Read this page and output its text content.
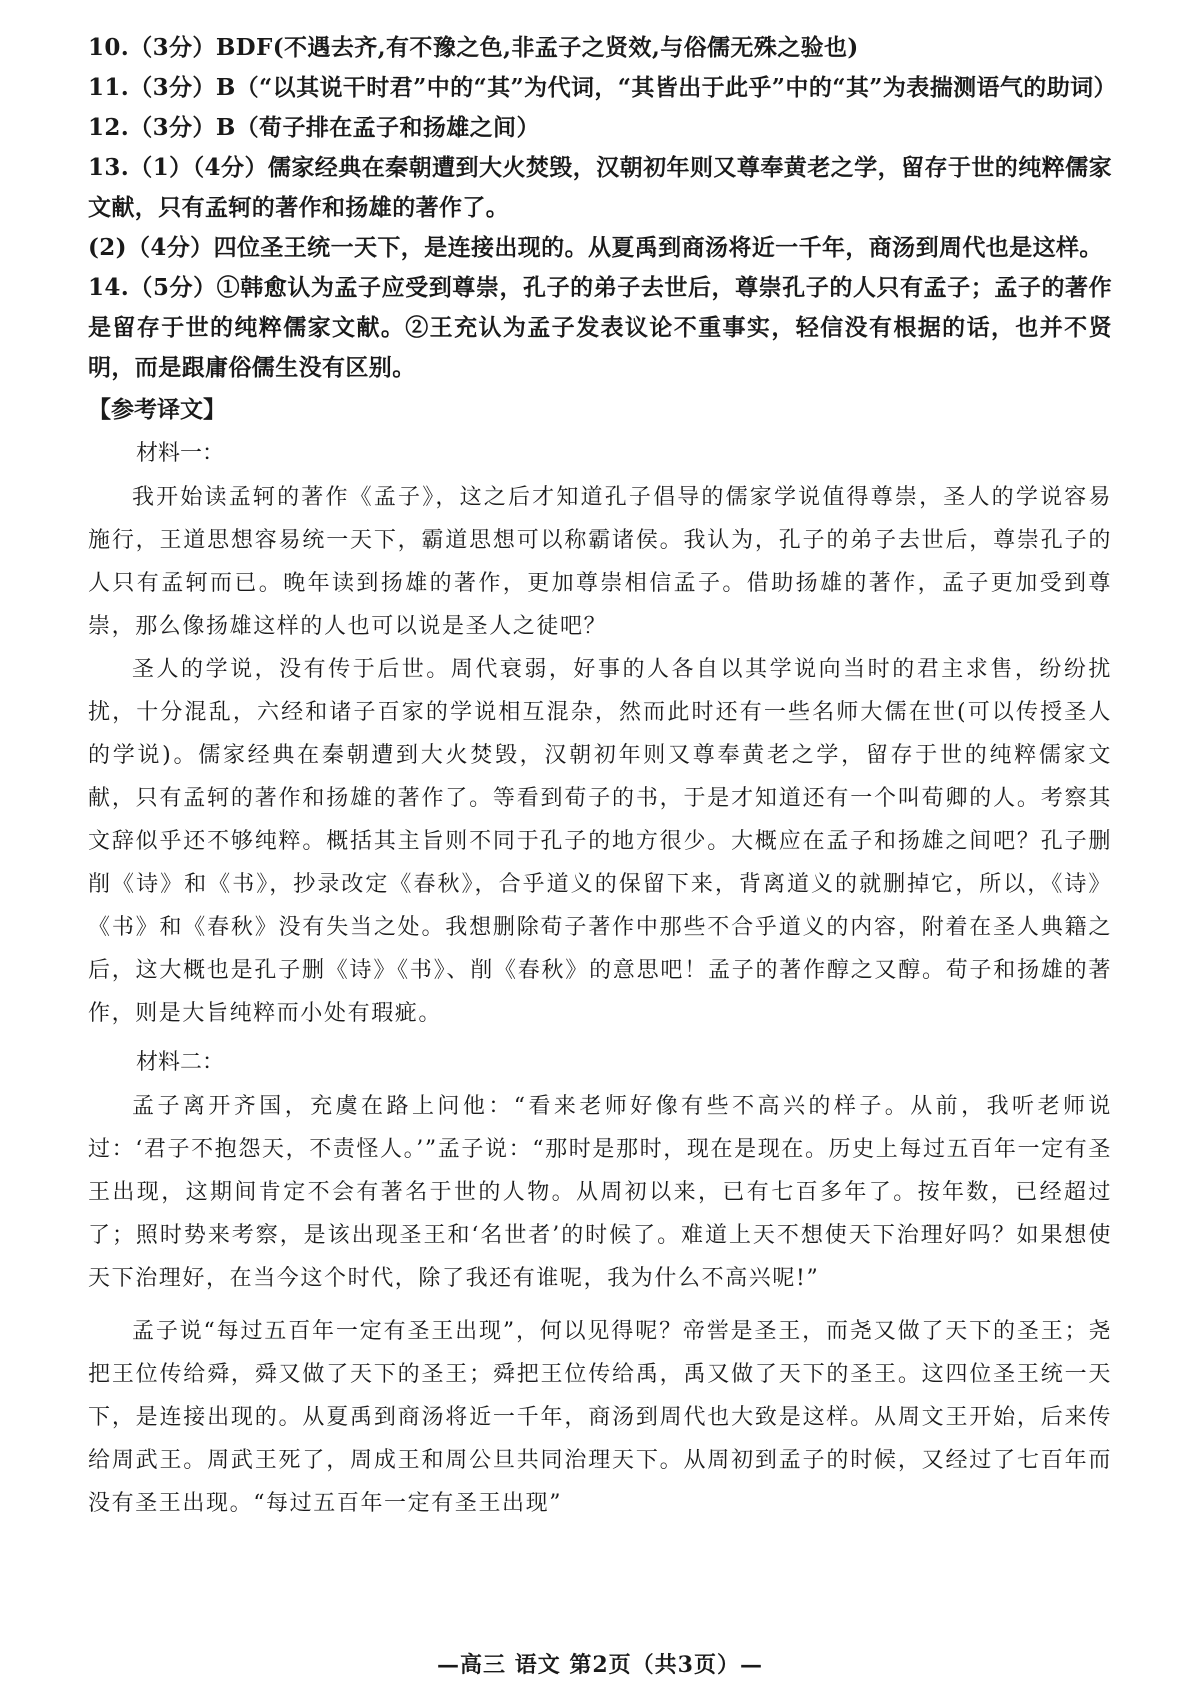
10.（3分）BDF(不遇去齐,有不豫之色,非孟子之贤效,与俗儒无殊之验也)

11.（3分）B（“以其说干时君”中的“其”为代词，“其皆出于此乎”中的“其”为表揣测语气的助词）

12.（3分）B（荀子排在孟子和扬雄之间）

13.（1）（4分）儒家经典在秦朝遭到大火焚毁，汉朝初年则又尊奉黄老之学，留存于世的纯粹儒家文献，只有孟轲的著作和扬雄的著作了。

(2)（4分）四位圣王统一天下，是连接出现的。从夏禹到商汤将近一千年，商汤到周代也是这样。

14.（5分）①韩愈认为孟子应受到尊崇，孔子的弟子去世后，尊崇孔子的人只有孟子；孟子的著作是留存于世的纯粹儒家文献。②王充认为孟子发表议论不重事实，轻信没有根据的话，也并不贤明，而是跟庸俗儒生没有区别。

【参考译文】
材料一：

我开始读孟轲的著作《孟子》，这之后才知道孔子倡导的儒家学说值得尊崇，圣人的学说容易施行，王道思想容易统一天下，霸道思想可以称霸诸侯。我认为，孔子的弟子去世后，尊崇孔子的人只有孟轲而已。晚年读到扬雄的著作，更加尊崇相信孟子。借助扬雄的著作，孟子更加受到尊崇，那么像扬雄这样的人也可以说是圣人之徒吧？

圣人的学说，没有传于后世。周代衰弱，好事的人各自以其学说向当时的君主求售，纷纷扰扰，十分混乱，六经和诸子百家的学说相互混杂，然而此时还有一些名师大儒在世(可以传授圣人的学说)。儒家经典在秦朝遭到大火焚毁，汉朝初年则又尊奉黄老之学，留存于世的纯粹儒家文献，只有孟轲的著作和扬雄的著作了。等看到荀子的书，于是才知道还有一个叫荀卿的人。考察其文辞似乎还不够纯粹。概括其主旨则不同于孔子的地方很少。大概应在孟子和扬雄之间吧？孔子删削《诗》和《书》，抄录改定《春秋》，合乎道义的保留下来，背离道义的就删掉它，所以，《诗》《书》和《春秋》没有失当之处。我想删除荀子著作中那些不合乎道义的内容，附着在圣人典籍之后，这大概也是孔子删《诗》《书》、削《春秋》的意思吧！孟子的著作醇之又醇。荀子和扬雄的著作，则是大旨纯粹而小处有瑕疵。

材料二：

孟子离开齐国，充虞在路上问他：“看来老师好像有些不高兴的样子。从前，我听老师说过：‘君子不抱怨天，不责怪人。’”孟子说：“那时是那时，现在是现在。历史上每过五百年一定有圣王出现，这期间肯定不会有著名于世的人物。从周初以来，已有七百多年了。按年数，已经超过了；照时势来考察，是该出现圣王和‘名世者’的时候了。难道上天不想使天下治理好吗？如果想使天下治理好，在当今这个时代，除了我还有谁呢，我为什么不高兴呢!”

孟子说“每过五百年一定有圣王出现”，何以见得呢？帝喾是圣王，而尧又做了天下的圣王；尧把王位传给舜，舜又做了天下的圣王；舜把王位传给禹，禹又做了天下的圣王。这四位圣王统一天下，是连接出现的。从夏禹到商汤将近一千年，商汤到周代也大致是这样。从周文王开始，后来传给周武王。周武王死了，周成王和周公旦共同治理天下。从周初到孟子的时候，又经过了七百年而没有圣王出现。“每过五百年一定有圣王出现”

—高三 语文 第2页（共3页）—
